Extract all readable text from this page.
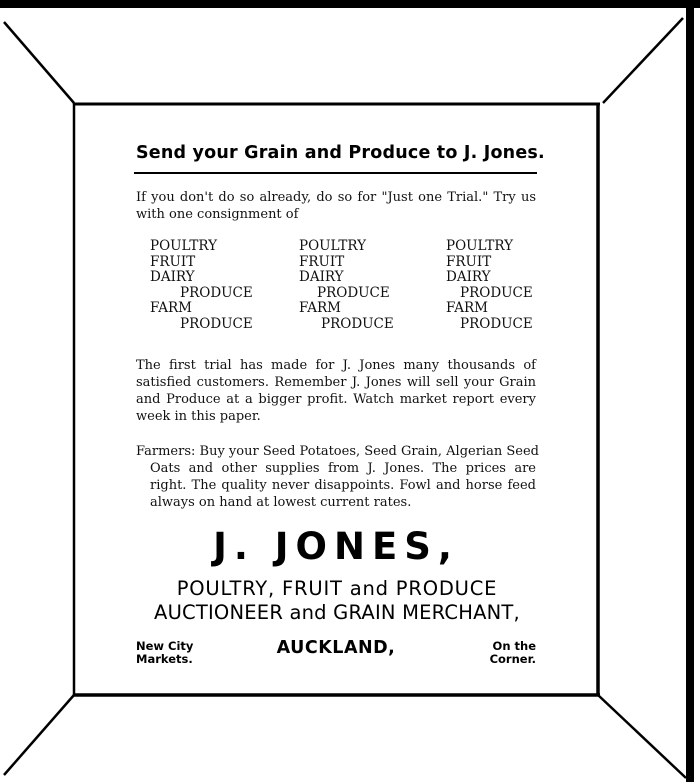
Send your Grain and Produce to J. Jones.
If you don't do so already, do so for "Just one Trial." Try us with one consignment of
POULTRY
FRUIT
DAIRY
PRODUCE
FARM
PRODUCE
POULTRY
FRUIT
DAIRY
PRODUCE
FARM
PRODUCE
POULTRY
FRUIT
DAIRY
PRODUCE
FARM
PRODUCE
The first trial has made for J. Jones many thousands of satisfied customers. Remember J. Jones will sell your Grain and Produce at a bigger profit. Watch market report every week in this paper.
Farmers: Buy your Seed Potatoes, Seed Grain, Algerian Seed
Oats and other supplies from J. Jones. The prices are right. The quality never disappoints. Fowl and horse feed always on hand at lowest current rates.
J. JONES,
POULTRY, FRUIT and PRODUCE
AUCTIONEER and GRAIN MERCHANT,
New City
Markets.
AUCKLAND,	On the
Corner.
